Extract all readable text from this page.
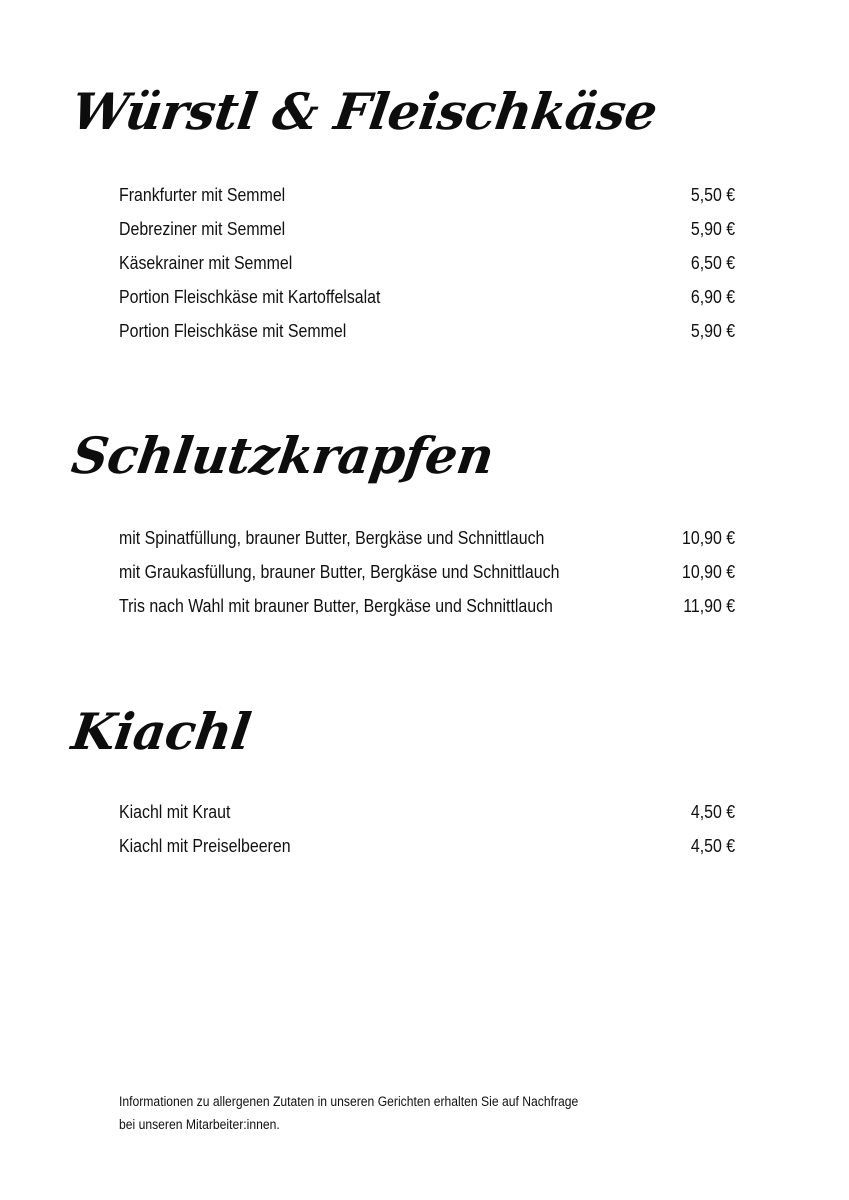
Würstl & Fleischkäse
Frankfurter mit Semmel	5,50 €
Debreziner mit Semmel	5,90 €
Käsekrainer mit Semmel	6,50 €
Portion Fleischkäse mit Kartoffelsalat	6,90 €
Portion Fleischkäse mit Semmel	5,90 €
Schlutzkrapfen
mit Spinatfüllung, brauner Butter, Bergkäse und Schnittlauch	10,90 €
mit Graukasfüllung, brauner Butter, Bergkäse und Schnittlauch	10,90 €
Tris nach Wahl mit brauner Butter, Bergkäse und Schnittlauch	11,90 €
Kiachl
Kiachl mit Kraut	4,50 €
Kiachl mit Preiselbeeren	4,50 €

Informationen zu allergenen Zutaten in unseren Gerichten erhalten Sie auf Nachfrage
bei unseren Mitarbeiter:innen.
